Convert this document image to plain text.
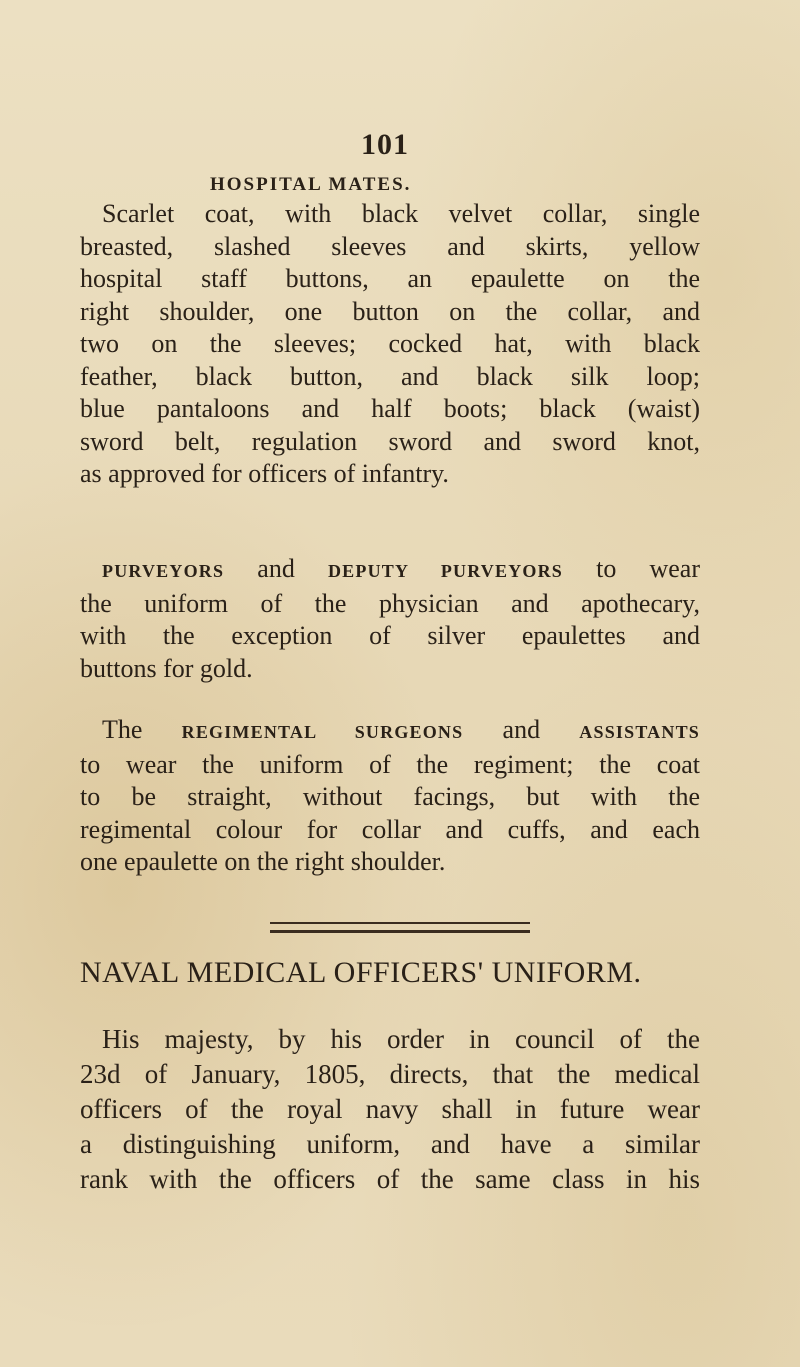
101
HOSPITAL MATES.
Scarlet coat, with black velvet collar, single
breasted, slashed sleeves and skirts, yellow
hospital staff buttons, an epaulette on the
right shoulder, one button on the collar, and
two on the sleeves; cocked hat, with black
feather, black button, and black silk loop;
blue pantaloons and half boots; black (waist)
sword belt, regulation sword and sword knot,
as approved for officers of infantry.
PURVEYORS and DEPUTY PURVEYORS to wear
the uniform of the physician and apothecary,
with the exception of silver epaulettes and
buttons for gold.
The REGIMENTAL SURGEONS and ASSISTANTS
to wear the uniform of the regiment; the coat
to be straight, without facings, but with the
regimental colour for collar and cuffs, and each
one epaulette on the right shoulder.
NAVAL MEDICAL OFFICERS' UNIFORM.
His majesty, by his order in council of the
23d of January, 1805, directs, that the medical
officers of the royal navy shall in future wear
a distinguishing uniform, and have a similar
rank with the officers of the same class in his
